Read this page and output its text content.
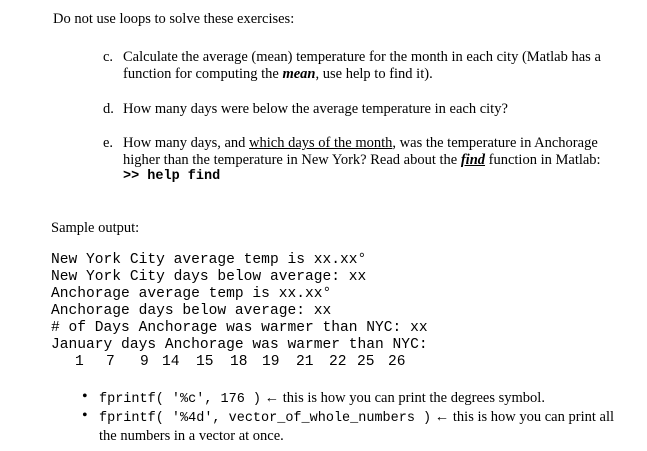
Do not use loops to solve these exercises:
c. Calculate the average (mean) temperature for the month in each city (Matlab has a
function for computing the mean, use help to find it).
d. How many days were below the average temperature in each city?
e. How many days, and which days of the month, was the temperature in Anchorage
higher than the temperature in New York? Read about the find function in Matlab:
>> help find
Sample output:
New York City average temp is xx.xx°
New York City days below average: xx
Anchorage average temp is xx.xx°
Anchorage days below average: xx
# of Days Anchorage was warmer than NYC: xx
January days Anchorage was warmer than NYC:
1 7 9 14 15 18 19 21 22 25 26
• fprintf( '%c', 176 ) ← this is how you can print the degrees symbol.
• fprintf( '%4d', vector_of_whole_numbers ) ← this is how you can print all
the numbers in a vector at once.
